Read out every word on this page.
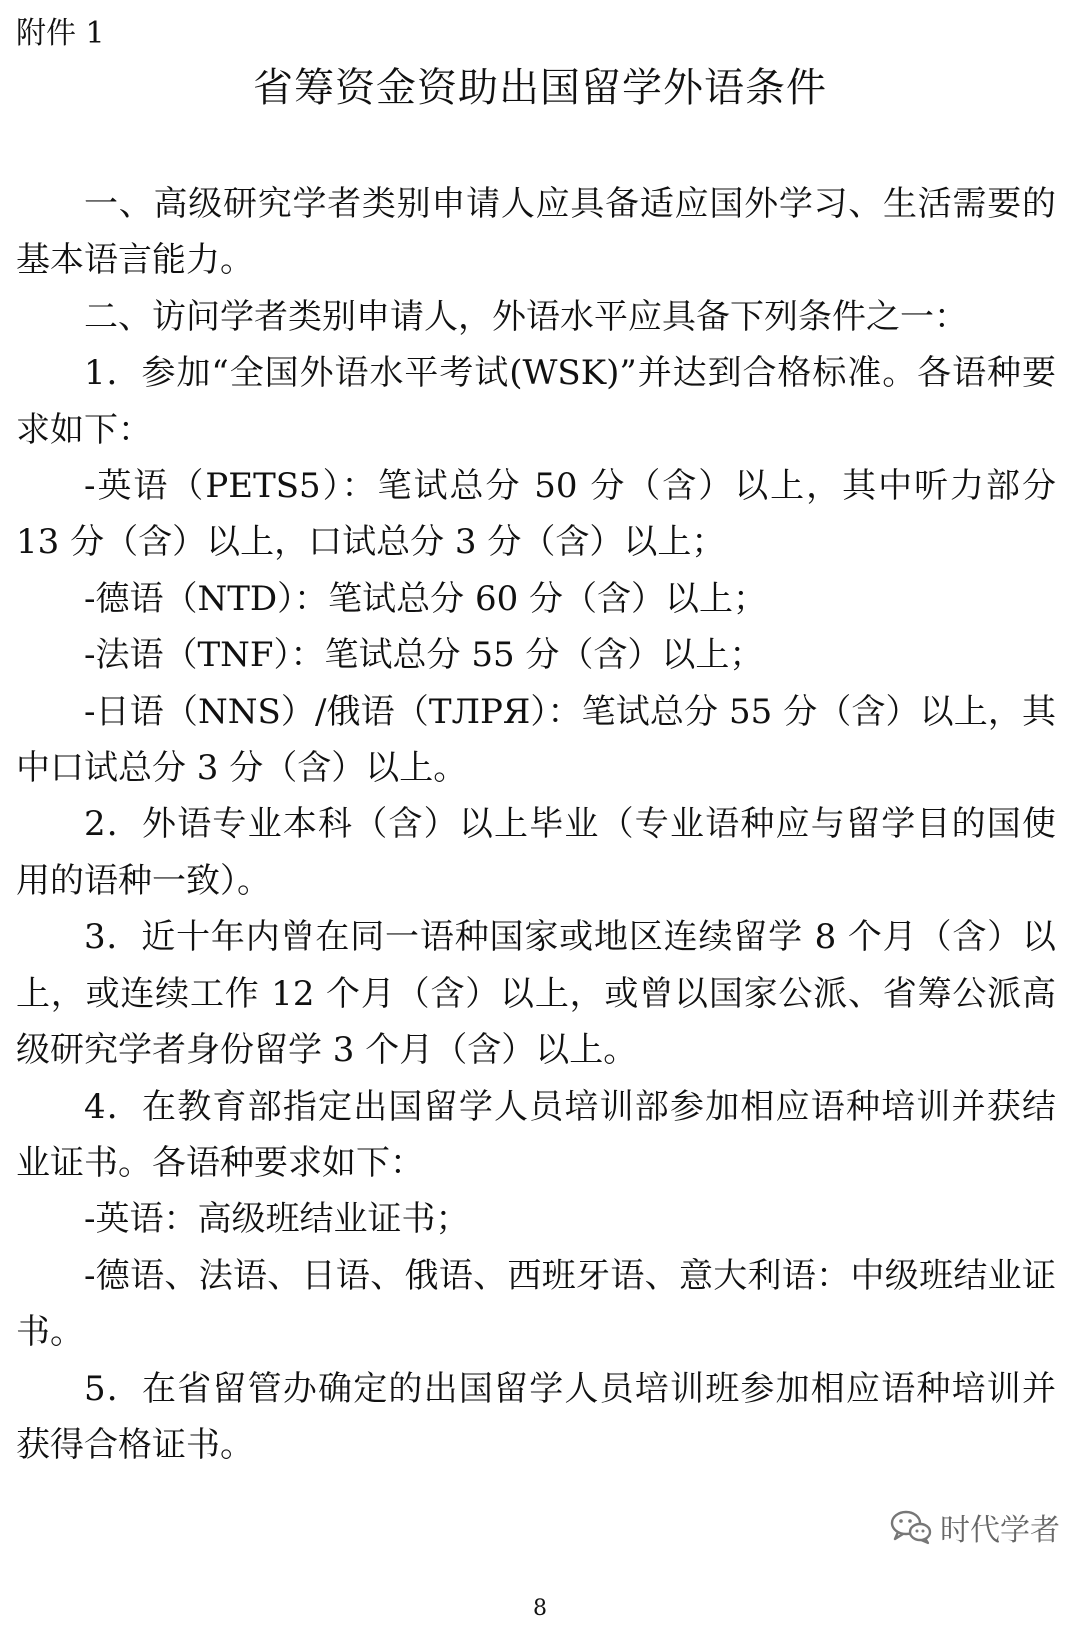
附件 1
省筹资金资助出国留学外语条件

一、高级研究学者类别申请人应具备适应国外学习、生活需要的基本语言能力。

二、访问学者类别申请人，外语水平应具备下列条件之一：

1．参加“全国外语水平考试(WSK)”并达到合格标准。各语种要求如下：

-英语（PETS5）：笔试总分 50 分（含）以上，其中听力部分 13 分（含）以上，口试总分 3 分（含）以上；

-德语（NTD）：笔试总分 60 分（含）以上；

-法语（TNF）：笔试总分 55 分（含）以上；

-日语（NNS）/俄语（ТЛРЯ）：笔试总分 55 分（含）以上，其中口试总分 3 分（含）以上。

2．外语专业本科（含）以上毕业（专业语种应与留学目的国使用的语种一致）。

3．近十年内曾在同一语种国家或地区连续留学 8 个月（含）以上，或连续工作 12 个月（含）以上，或曾以国家公派、省筹公派高级研究学者身份留学 3 个月（含）以上。

4．在教育部指定出国留学人员培训部参加相应语种培训并获结业证书。各语种要求如下：

-英语：高级班结业证书；

-德语、法语、日语、俄语、西班牙语、意大利语：中级班结业证书。

5．在省留管办确定的出国留学人员培训班参加相应语种培训并获得合格证书。

时代学者
8
